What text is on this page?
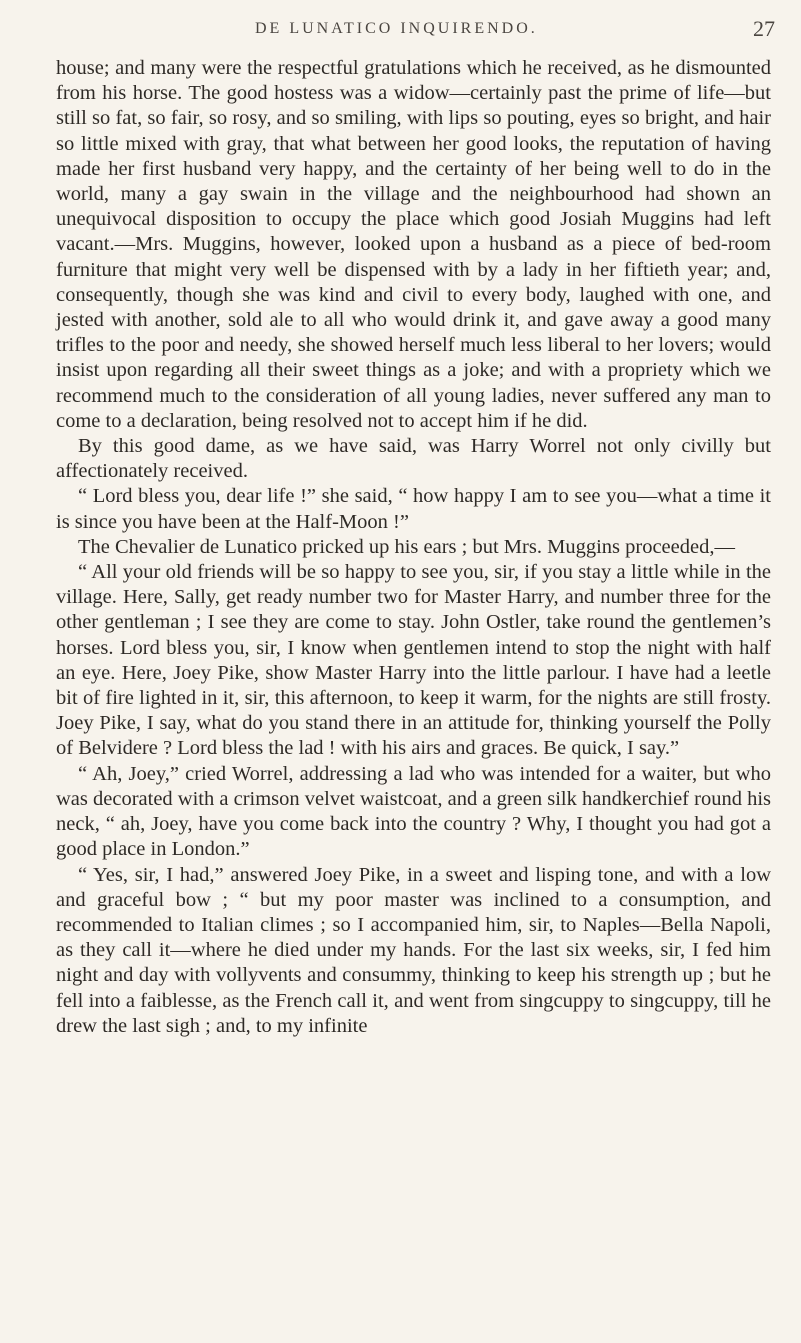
DE LUNATICO INQUIRENDO.	27

house; and many were the respectful gratulations which he received, as he dismounted from his horse. The good hostess was a widow—certainly past the prime of life—but still so fat, so fair, so rosy, and so smiling, with lips so pouting, eyes so bright, and hair so little mixed with gray, that what between her good looks, the reputation of having made her first husband very happy, and the certainty of her being well to do in the world, many a gay swain in the village and the neighbourhood had shown an unequivocal disposition to occupy the place which good Josiah Muggins had left vacant.—Mrs. Muggins, however, looked upon a husband as a piece of bed-room furniture that might very well be dispensed with by a lady in her fiftieth year; and, consequently, though she was kind and civil to every body, laughed with one, and jested with another, sold ale to all who would drink it, and gave away a good many trifles to the poor and needy, she showed herself much less liberal to her lovers; would insist upon regarding all their sweet things as a joke; and with a propriety which we recommend much to the consideration of all young ladies, never suffered any man to come to a declaration, being resolved not to accept him if he did.

By this good dame, as we have said, was Harry Worrel not only civilly but affectionately received.

“ Lord bless you, dear life !” she said, “ how happy I am to see you—what a time it is since you have been at the Half-Moon !”

The Chevalier de Lunatico pricked up his ears ; but Mrs. Muggins proceeded,—

“ All your old friends will be so happy to see you, sir, if you stay a little while in the village. Here, Sally, get ready number two for Master Harry, and number three for the other gentleman ; I see they are come to stay. John Ostler, take round the gentlemen’s horses. Lord bless you, sir, I know when gentlemen intend to stop the night with half an eye. Here, Joey Pike, show Master Harry into the little parlour. I have had a leetle bit of fire lighted in it, sir, this afternoon, to keep it warm, for the nights are still frosty. Joey Pike, I say, what do you stand there in an attitude for, thinking yourself the Polly of Belvidere ? Lord bless the lad ! with his airs and graces. Be quick, I say.”

“ Ah, Joey,” cried Worrel, addressing a lad who was intended for a waiter, but who was decorated with a crimson velvet waistcoat, and a green silk handkerchief round his neck, “ ah, Joey, have you come back into the country ? Why, I thought you had got a good place in London.”

“ Yes, sir, I had,” answered Joey Pike, in a sweet and lisping tone, and with a low and graceful bow ; “ but my poor master was inclined to a consumption, and recommended to Italian climes ; so I accompanied him, sir, to Naples—Bella Napoli, as they call it—where he died under my hands. For the last six weeks, sir, I fed him night and day with vollyvents and consummy, thinking to keep his strength up ; but he fell into a faiblesse, as the French call it, and went from singcuppy to singcuppy, till he drew the last sigh ; and, to my infinite
